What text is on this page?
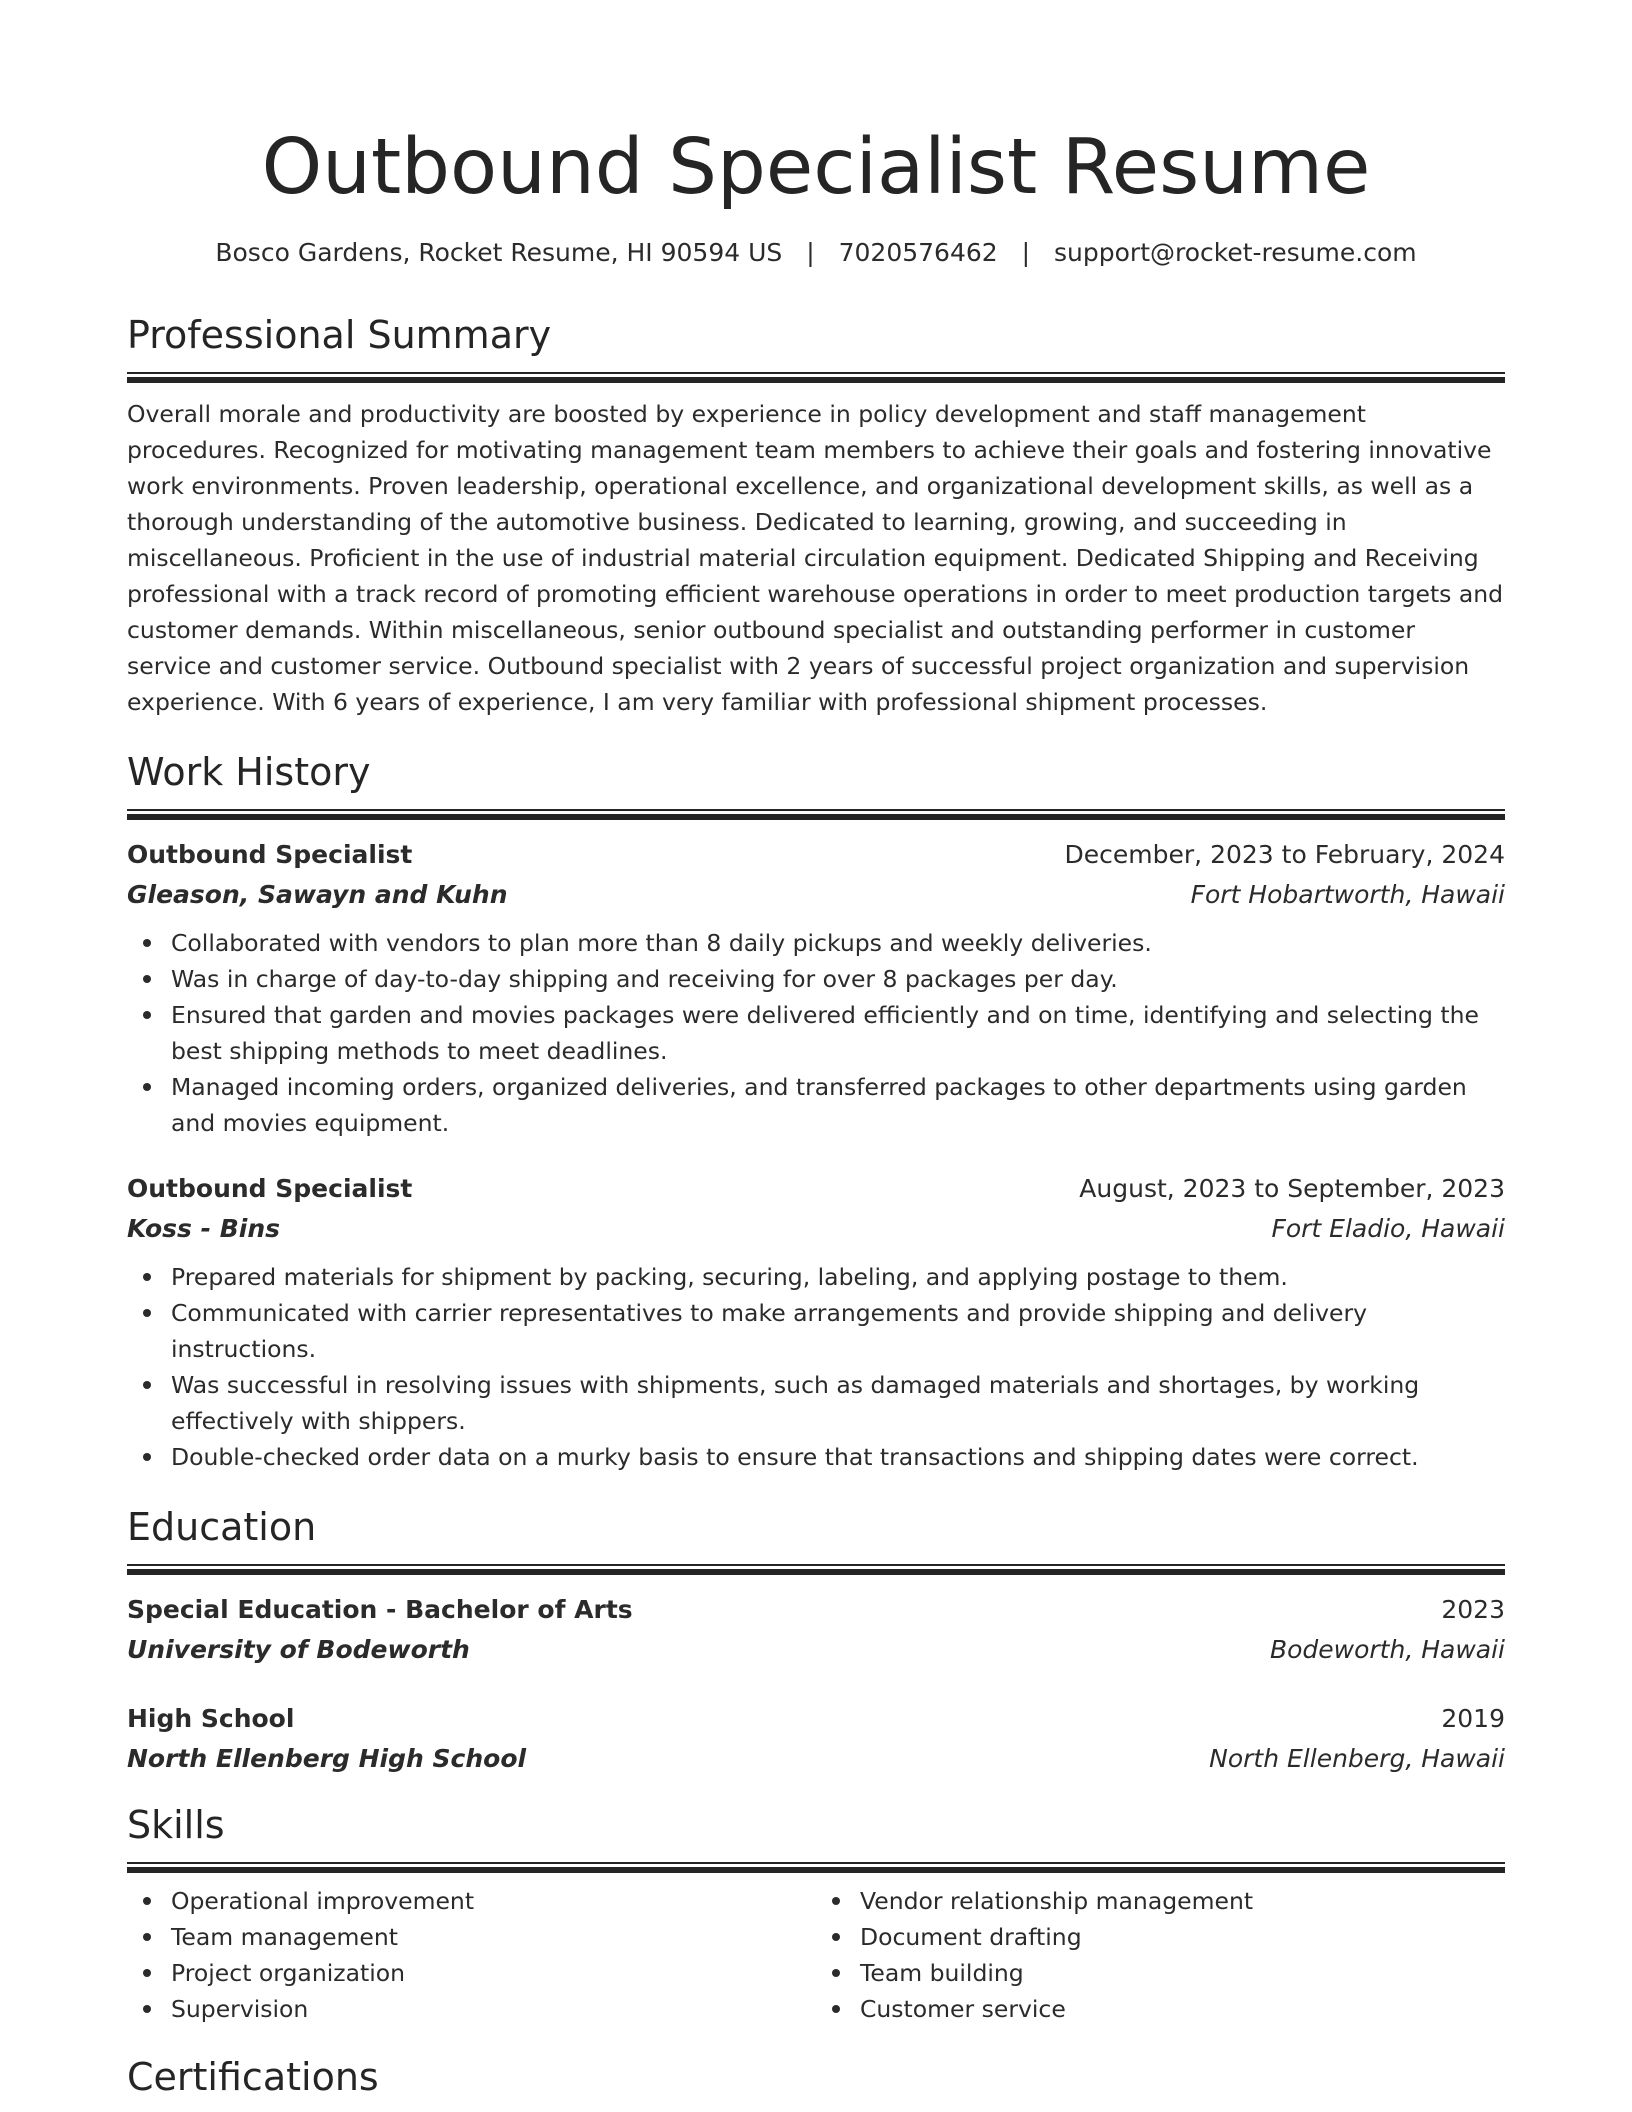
Outbound Specialist Resume
Bosco Gardens, Rocket Resume, HI 90594 US | 7020576462 | support@rocket-resume.com
Professional Summary

Overall morale and productivity are boosted by experience in policy development and staff management procedures. Recognized for motivating management team members to achieve their goals and fostering innovative work environments. Proven leadership, operational excellence, and organizational development skills, as well as a thorough understanding of the automotive business. Dedicated to learning, growing, and succeeding in miscellaneous. Proficient in the use of industrial material circulation equipment. Dedicated Shipping and Receiving professional with a track record of promoting efficient warehouse operations in order to meet production targets and customer demands. Within miscellaneous, senior outbound specialist and outstanding performer in customer service and customer service. Outbound specialist with 2 years of successful project organization and supervision experience. With 6 years of experience, I am very familiar with professional shipment processes.

Work History
Outbound Specialist	December, 2023 to February, 2024
Gleason, Sawayn and Kuhn	Fort Hobartworth, Hawaii
Collaborated with vendors to plan more than 8 daily pickups and weekly deliveries.
Was in charge of day-to-day shipping and receiving for over 8 packages per day.
Ensured that garden and movies packages were delivered efficiently and on time, identifying and selecting the best shipping methods to meet deadlines.
Managed incoming orders, organized deliveries, and transferred packages to other departments using garden and movies equipment.
Outbound Specialist	August, 2023 to September, 2023
Koss - Bins	Fort Eladio, Hawaii
Prepared materials for shipment by packing, securing, labeling, and applying postage to them.
Communicated with carrier representatives to make arrangements and provide shipping and delivery instructions.
Was successful in resolving issues with shipments, such as damaged materials and shortages, by working effectively with shippers.
Double-checked order data on a murky basis to ensure that transactions and shipping dates were correct.
Education
Special Education - Bachelor of Arts	2023
University of Bodeworth	Bodeworth, Hawaii
High School	2019
North Ellenberg High School	North Ellenberg, Hawaii
Skills
Operational improvement
Team management
Project organization
Supervision
Vendor relationship management
Document drafting
Team building
Customer service
Certifications
